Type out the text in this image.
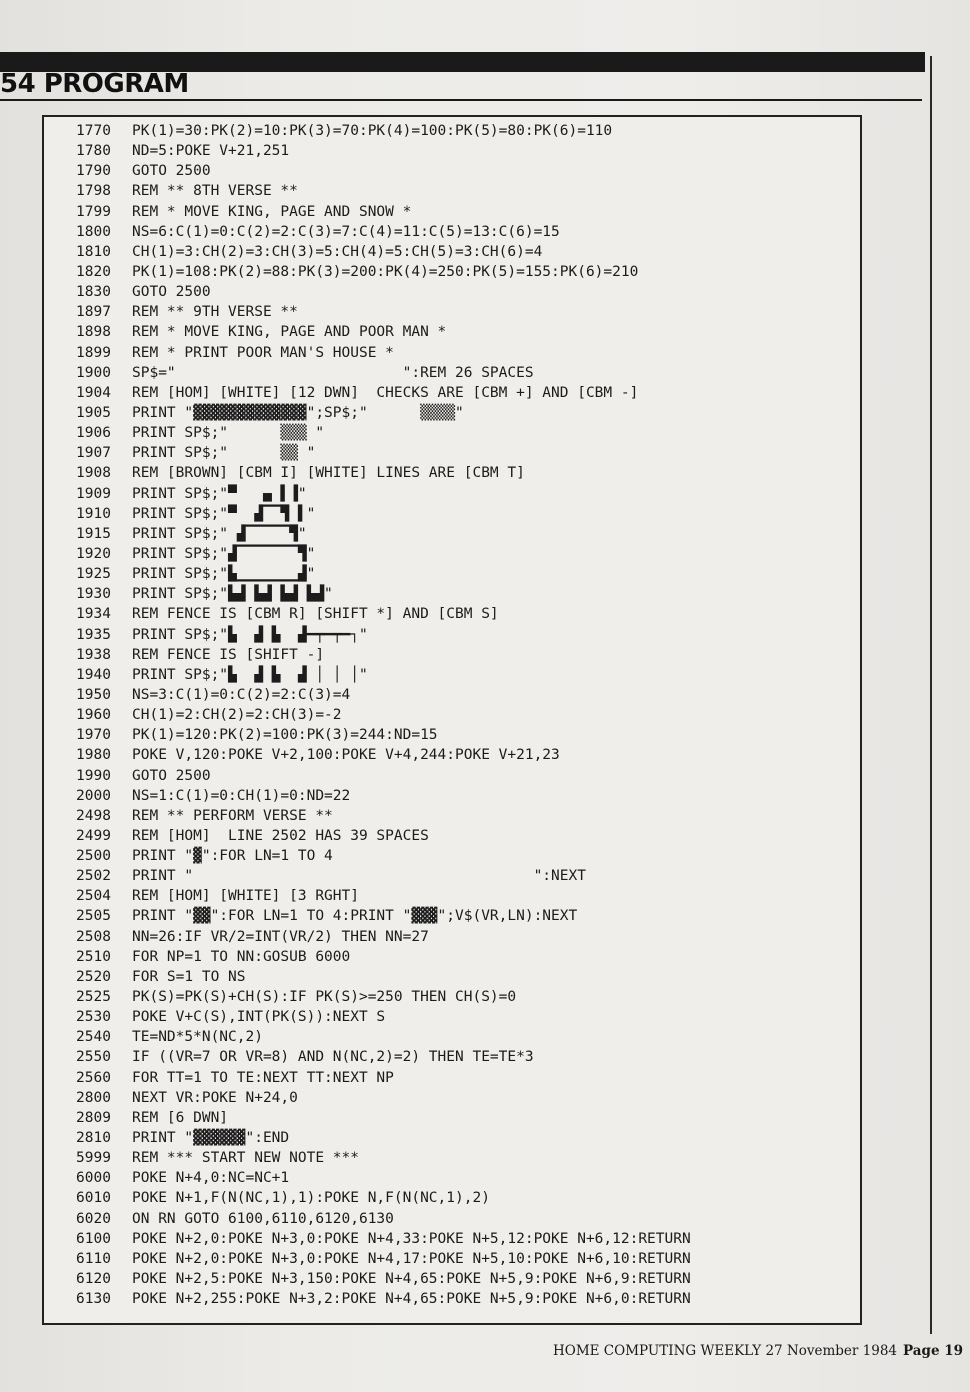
54 PROGRAM
1770	PK(1)=30:PK(2)=10:PK(3)=70:PK(4)=100:PK(5)=80:PK(6)=110
1780	ND=5:POKE V+21,251
1790	GOTO 2500
1798	REM ** 8TH VERSE **
1799	REM * MOVE KING, PAGE AND SNOW *
1800	NS=6:C(1)=0:C(2)=2:C(3)=7:C(4)=11:C(5)=13:C(6)=15
1810	CH(1)=3:CH(2)=3:CH(3)=5:CH(4)=5:CH(5)=3:CH(6)=4
1820	PK(1)=108:PK(2)=88:PK(3)=200:PK(4)=250:PK(5)=155:PK(6)=210
1830	GOTO 2500
1897	REM ** 9TH VERSE **
1898	REM * MOVE KING, PAGE AND POOR MAN *
1899	REM * PRINT POOR MAN'S HOUSE *
1900	SP$="                          ":REM 26 SPACES
1904	REM [HOM] [WHITE] [12 DWN]  CHECKS ARE [CBM +] AND [CBM -]
1905	PRINT "▓▓▓▓▓▓▓▓▓▓▓▓▓";SP$;"      ▒▒▒▒"
1906	PRINT SP$;"      ▒▒▒ "
1907	PRINT SP$;"      ▒▒ "
1908	REM [BROWN] [CBM I] [WHITE] LINES ARE [CBM T]
1909	PRINT SP$;"▀   ▄ ▌▐"
1910	PRINT SP$;"▀  ▟▔▔▜ ▌"
1915	PRINT SP$;" ▟▔▔▔▔▔▜"
1920	PRINT SP$;"▟▔▔▔▔▔▔▔▜"
1925	PRINT SP$;"▙▁▁▁▁▁▁▁▟"
1930	PRINT SP$;"▙▟ ▙▟ ▙▟ ▙▟"
1934	REM FENCE IS [CBM R] [SHIFT *] AND [CBM S]
1935	PRINT SP$;"▙  ▟ ▙  ▟━┯━┯━┐"
1938	REM FENCE IS [SHIFT -]
1940	PRINT SP$;"▙  ▟ ▙  ▟ │ │ │"
1950	NS=3:C(1)=0:C(2)=2:C(3)=4
1960	CH(1)=2:CH(2)=2:CH(3)=-2
1970	PK(1)=120:PK(2)=100:PK(3)=244:ND=15
1980	POKE V,120:POKE V+2,100:POKE V+4,244:POKE V+21,23
1990	GOTO 2500
2000	NS=1:C(1)=0:CH(1)=0:ND=22
2498	REM ** PERFORM VERSE **
2499	REM [HOM]  LINE 2502 HAS 39 SPACES
2500	PRINT "▓":FOR LN=1 TO 4
2502	PRINT "                                       ":NEXT
2504	REM [HOM] [WHITE] [3 RGHT]
2505	PRINT "▓▓":FOR LN=1 TO 4:PRINT "▓▓▓";V$(VR,LN):NEXT
2508	NN=26:IF VR/2=INT(VR/2) THEN NN=27
2510	FOR NP=1 TO NN:GOSUB 6000
2520	FOR S=1 TO NS
2525	PK(S)=PK(S)+CH(S):IF PK(S)>=250 THEN CH(S)=0
2530	POKE V+C(S),INT(PK(S)):NEXT S
2540	TE=ND*5*N(NC,2)
2550	IF ((VR=7 OR VR=8) AND N(NC,2)=2) THEN TE=TE*3
2560	FOR TT=1 TO TE:NEXT TT:NEXT NP
2800	NEXT VR:POKE N+24,0
2809	REM [6 DWN]
2810	PRINT "▓▓▓▓▓▓":END
5999	REM *** START NEW NOTE ***
6000	POKE N+4,0:NC=NC+1
6010	POKE N+1,F(N(NC,1),1):POKE N,F(N(NC,1),2)
6020	ON RN GOTO 6100,6110,6120,6130
6100	POKE N+2,0:POKE N+3,0:POKE N+4,33:POKE N+5,12:POKE N+6,12:RETURN
6110	POKE N+2,0:POKE N+3,0:POKE N+4,17:POKE N+5,10:POKE N+6,10:RETURN
6120	POKE N+2,5:POKE N+3,150:POKE N+4,65:POKE N+5,9:POKE N+6,9:RETURN
6130	POKE N+2,255:POKE N+3,2:POKE N+4,65:POKE N+5,9:POKE N+6,0:RETURN
HOME COMPUTING WEEKLY 27 November 1984 Page 19
